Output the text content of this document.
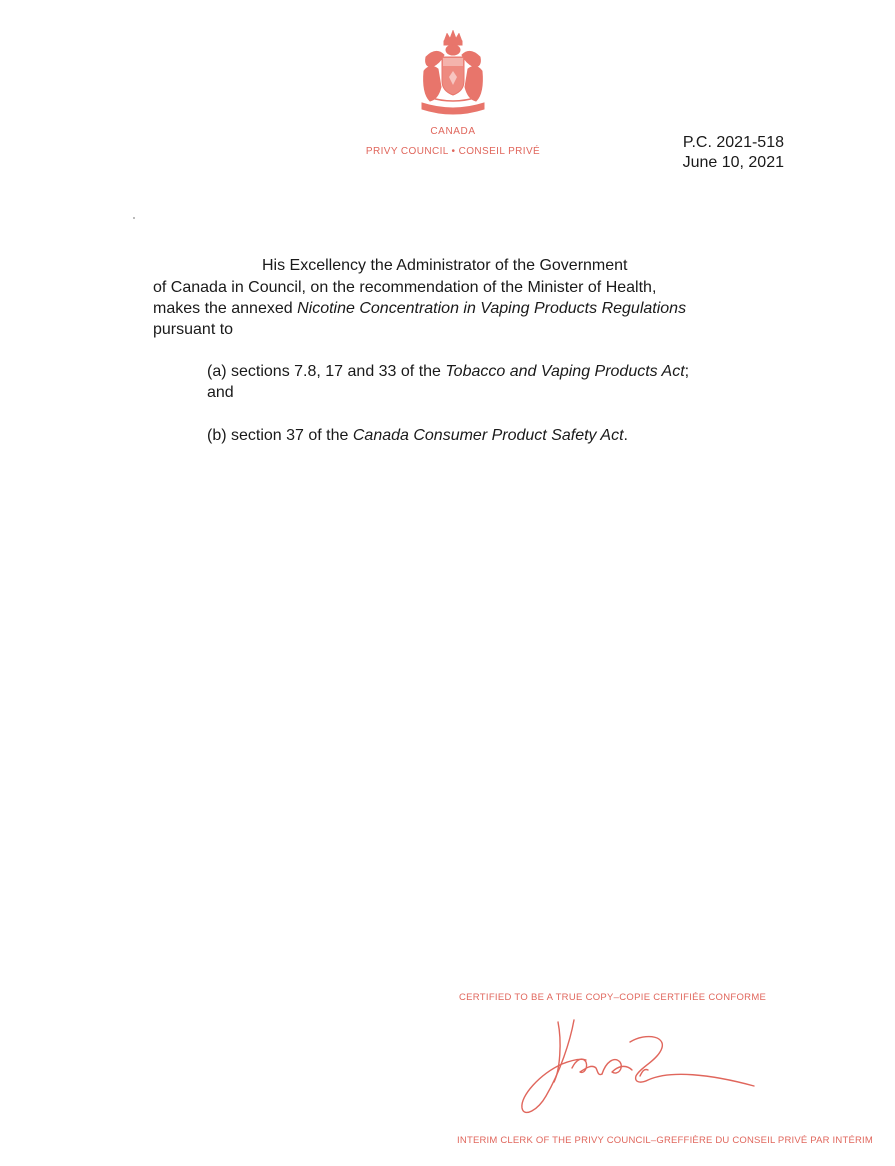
CANADA
PRIVY COUNCIL • CONSEIL PRIVÉ
P.C. 2021-518
June 10, 2021
His Excellency the Administrator of the Government
of Canada in Council, on the recommendation of the Minister of Health,
makes the annexed Nicotine Concentration in Vaping Products Regulations
pursuant to
(a) sections 7.8, 17 and 33 of the Tobacco and Vaping Products Act;
and
(b) section 37 of the Canada Consumer Product Safety Act.
CERTIFIED TO BE A TRUE COPY–COPIE CERTIFIÉE CONFORME
INTERIM CLERK OF THE PRIVY COUNCIL–GREFFIÈRE DU CONSEIL PRIVÉ PAR INTÉRIM
